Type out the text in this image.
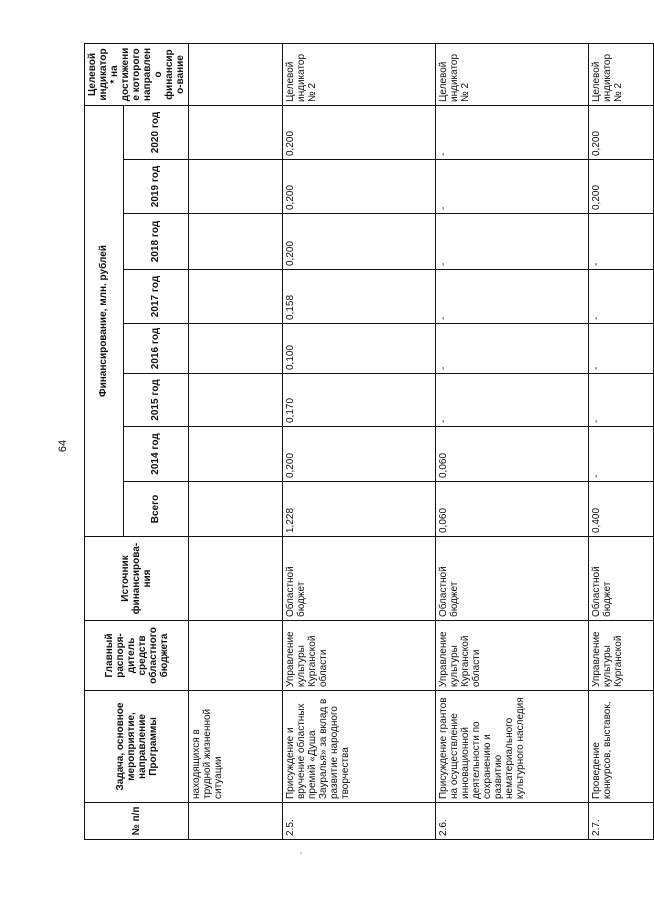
64
№ п/п	Задача, основное мероприятие, направление Программы	Главный распоря-дитель средств областного бюджета	Источник финансирова-ния	Финансирование, млн. рублей								Целевой индикатор* на достижение которого направлено финансиро-вание
				Всего	2014 год	2015 год	2016 год	2017 год	2018 год	2019 год	2020 год	
	находящихся в трудной жизненной ситуации											
2.5.	Присуждение и вручение областных премий «Душа Зауралья» за вклад в развитие народного творчества	Управление культуры Курганской области	Областной бюджет	1,228	0,200	0,170	0,100	0,158	0,200	0,200	0,200	Целевой индикатор № 2
2.6.	Присуждение грантов на осуществление инновационной деятельности по сохранению и развитию нематериального культурного наследия	Управление культуры Курганской области	Областной бюджет	0,060	0,060	-	-	-	-	-	-	Целевой индикатор № 2
2.7.	Проведение конкурсов, выставок,	Управление культуры Курганской	Областной бюджет	0,400	-	-	-	-	-	0,200	0,200	Целевой индикатор № 2
